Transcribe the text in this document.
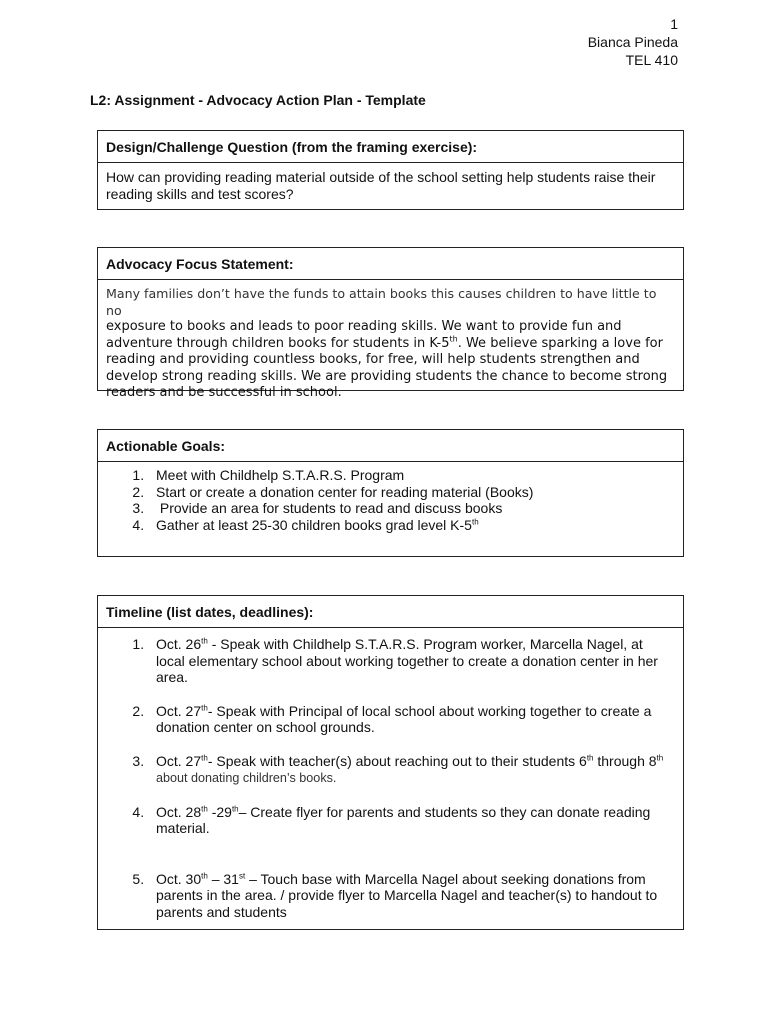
1
Bianca Pineda
TEL 410
L2: Assignment - Advocacy Action Plan - Template
Design/Challenge Question (from the framing exercise):
How can providing reading material outside of the school setting help students raise their reading skills and test scores?
Advocacy Focus Statement:
Many families don’t have the funds to attain books this causes children to have little to no
exposure to books and leads to poor reading skills. We want to provide fun and adventure through children books for students in K-5th. We believe sparking a love for reading and providing countless books, for free, will help students strengthen and develop strong reading skills. We are providing students the chance to become strong readers and be successful in school.
Actionable Goals:
1. Meet with Childhelp S.T.A.R.S. Program
2. Start or create a donation center for reading material (Books)
3.  Provide an area for students to read and discuss books
4. Gather at least 25-30 children books grad level K-5th
Timeline (list dates, deadlines):
1. Oct. 26th - Speak with Childhelp S.T.A.R.S. Program worker, Marcella Nagel, at local elementary school about working together to create a donation center in her area.
2. Oct. 27th- Speak with Principal of local school about working together to create a donation center on school grounds.
3. Oct. 27th- Speak with teacher(s) about reaching out to their students 6th through 8th
about donating children’s books.
4. Oct. 28th -29th– Create flyer for parents and students so they can donate reading material.
5. Oct. 30th – 31st – Touch base with Marcella Nagel about seeking donations from parents in the area. / provide flyer to Marcella Nagel and teacher(s) to handout to parents and students
